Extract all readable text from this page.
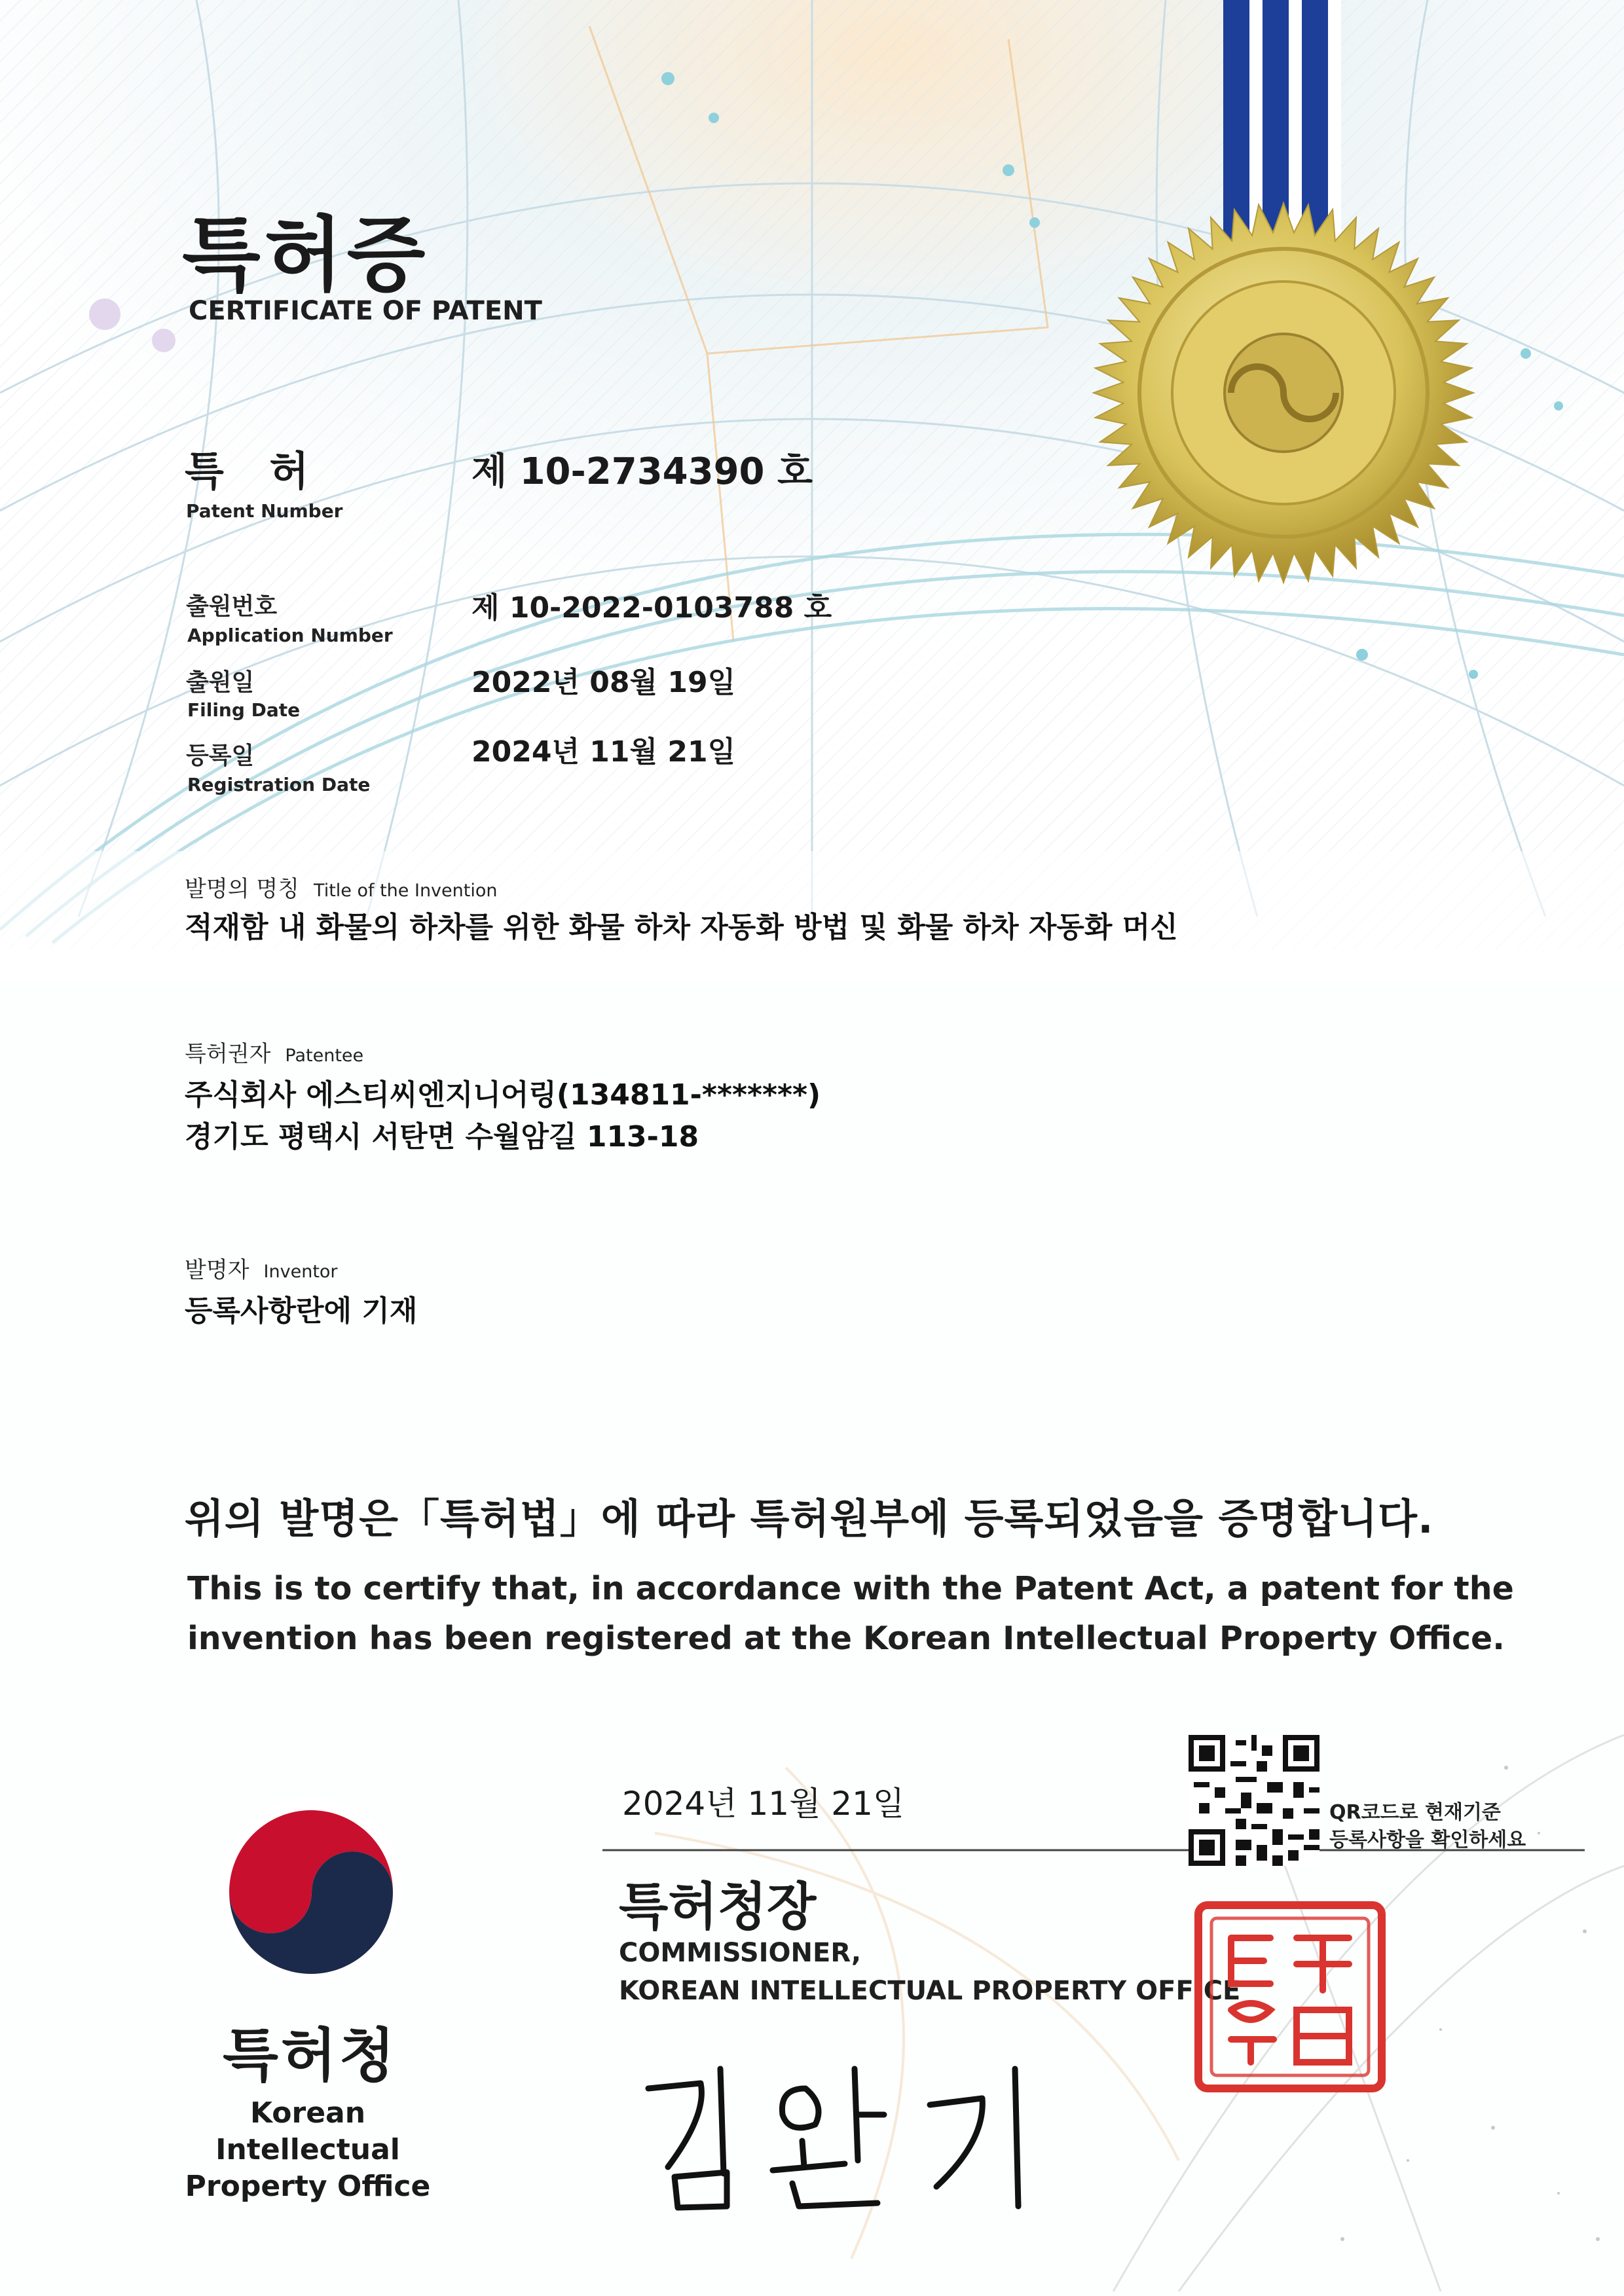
특허증
CERTIFICATE OF PATENT
특 허
Patent Number
제 10-2734390 호
출원번호
Application Number
제 10-2022-0103788 호
출원일
Filing Date
2022년 08월 19일
등록일
Registration Date
2024년 11월 21일
발명의 명칭 Title of the Invention
적재함 내 화물의 하차를 위한 화물 하차 자동화 방법 및 화물 하차 자동화 머신
특허권자 Patentee
주식회사 에스티씨엔지니어링(134811-*******)
경기도 평택시 서탄면 수월암길 113-18
발명자 Inventor
등록사항란에 기재
위의 발명은「특허법」에 따라 특허원부에 등록되었음을 증명합니다.
This is to certify that, in accordance with the Patent Act, a patent for the
invention has been registered at the Korean Intellectual Property Office.
2024년 11월 21일
특허청장
COMMISSIONER,
KOREAN INTELLECTUAL PROPERTY OFFICE
QR코드로 현재기준
등록사항을 확인하세요
특허청
Korean Intellectual
Property Office
